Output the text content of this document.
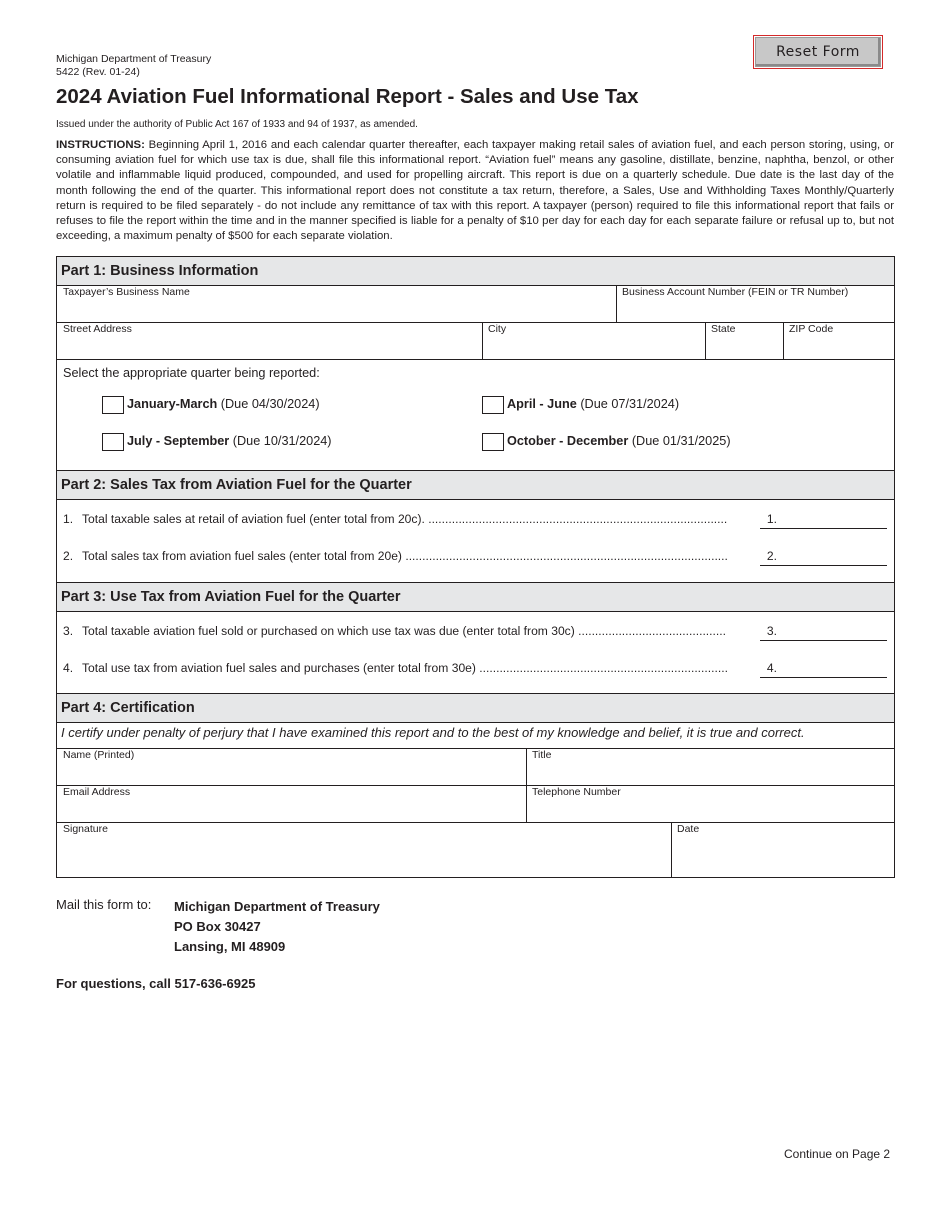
Michigan Department of Treasury
5422 (Rev. 01-24)
Reset Form
2024 Aviation Fuel Informational Report - Sales and Use Tax
Issued under the authority of Public Act 167 of 1933 and 94 of 1937, as amended.
INSTRUCTIONS: Beginning April 1, 2016 and each calendar quarter thereafter, each taxpayer making retail sales of aviation fuel, and each person storing, using, or consuming aviation fuel for which use tax is due, shall file this informational report. “Aviation fuel” means any gasoline, distillate, benzine, naphtha, benzol, or other volatile and inflammable liquid produced, compounded, and used for propelling aircraft. This report is due on a quarterly schedule. Due date is the last day of the month following the end of the quarter. This informational report does not constitute a tax return, therefore, a Sales, Use and Withholding Taxes Monthly/Quarterly return is required to be filed separately - do not include any remittance of tax with this report. A taxpayer (person) required to file this informational report that fails or refuses to file the report within the time and in the manner specified is liable for a penalty of $10 per day for each day for each separate failure or refusal up to, but not exceeding, a maximum penalty of $500 for each separate violation.
Part 1: Business Information
Taxpayer’s Business Name	Business Account Number (FEIN or TR Number)
Street Address	City	State	ZIP Code
Select the appropriate quarter being reported:
January-March (Due 04/30/2024)	April - June (Due 07/31/2024)
July - September (Due 10/31/2024)	October - December (Due 01/31/2025)
Part 2: Sales Tax from Aviation Fuel for the Quarter
1. Total taxable sales at retail of aviation fuel (enter total from 20c). .....	1.
2. Total sales tax from aviation fuel sales (enter total from 20e) .....	2.
Part 3: Use Tax from Aviation Fuel for the Quarter
3. Total taxable aviation fuel sold or purchased on which use tax was due (enter total from 30c) .....	3.
4. Total use tax from aviation fuel sales and purchases (enter total from 30e) .....	4.
Part 4: Certification
I certify under penalty of perjury that I have examined this report and to the best of my knowledge and belief, it is true and correct.
Name (Printed)	Title
Email Address	Telephone Number
Signature	Date
Mail this form to: Michigan Department of Treasury
PO Box 30427
Lansing, MI 48909
For questions, call 517-636-6925
Continue on Page 2
